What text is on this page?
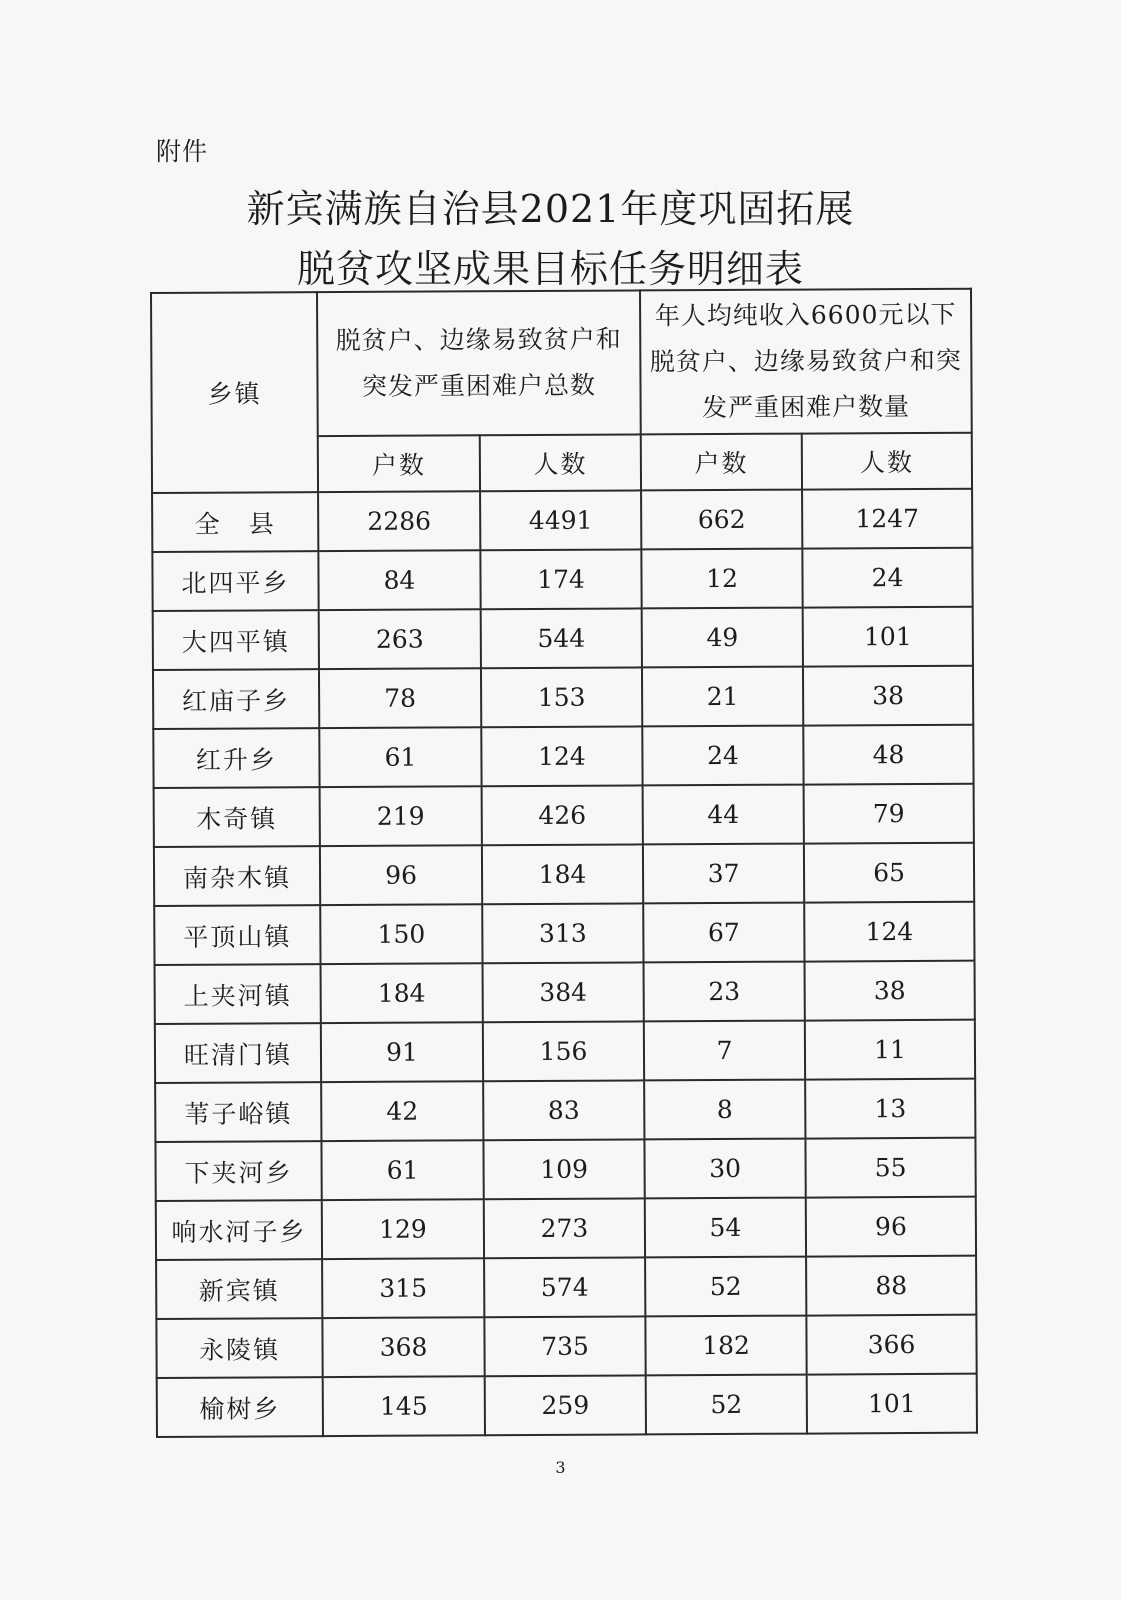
附件
新宾满族自治县2021年度巩固拓展
脱贫攻坚成果目标任务明细表
乡镇	脱贫户、边缘易致贫户和突发严重困难户总数		年人均纯收入6600元以下脱贫户、边缘易致贫户和突发严重困难户数量	
	户数	人数	户数	人数
全　县	2286	4491	662	1247
北四平乡	84	174	12	24
大四平镇	263	544	49	101
红庙子乡	78	153	21	38
红升乡	61	124	24	48
木奇镇	219	426	44	79
南杂木镇	96	184	37	65
平顶山镇	150	313	67	124
上夹河镇	184	384	23	38
旺清门镇	91	156	7	11
苇子峪镇	42	83	8	13
下夹河乡	61	109	30	55
响水河子乡	129	273	54	96
新宾镇	315	574	52	88
永陵镇	368	735	182	366
榆树乡	145	259	52	101
3
